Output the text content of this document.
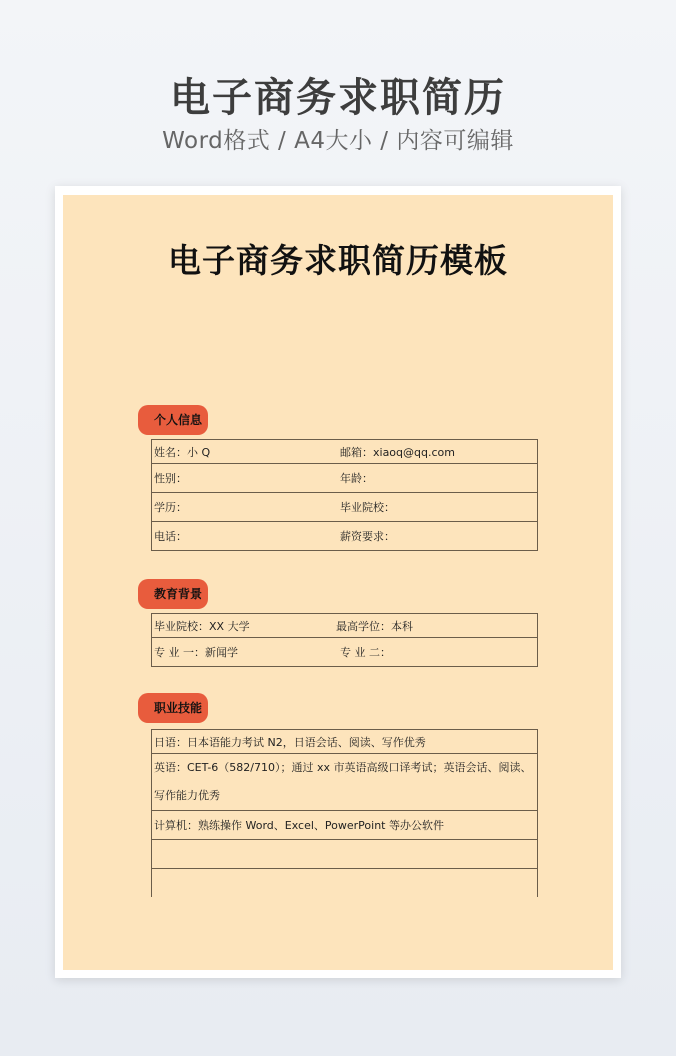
电子商务求职简历
Word格式 / A4大小 / 内容可编辑
电子商务求职简历模板
个人信息
姓名：小 Q	邮箱：xiaoq@qq.com

性别：	年龄：

学历：	毕业院校：

电话：	薪资要求：
教育背景
毕业院校：XX 大学	最高学位：本科

专 业 一：新闻学	专 业 二：
职业技能
日语：日本语能力考试 N2，日语会话、阅读、写作优秀
英语：CET-6（582/710）；通过 xx 市英语高级口译考试；英语会话、阅读、写作能力优秀
计算机：熟练操作 Word、Excel、PowerPoint 等办公软件
